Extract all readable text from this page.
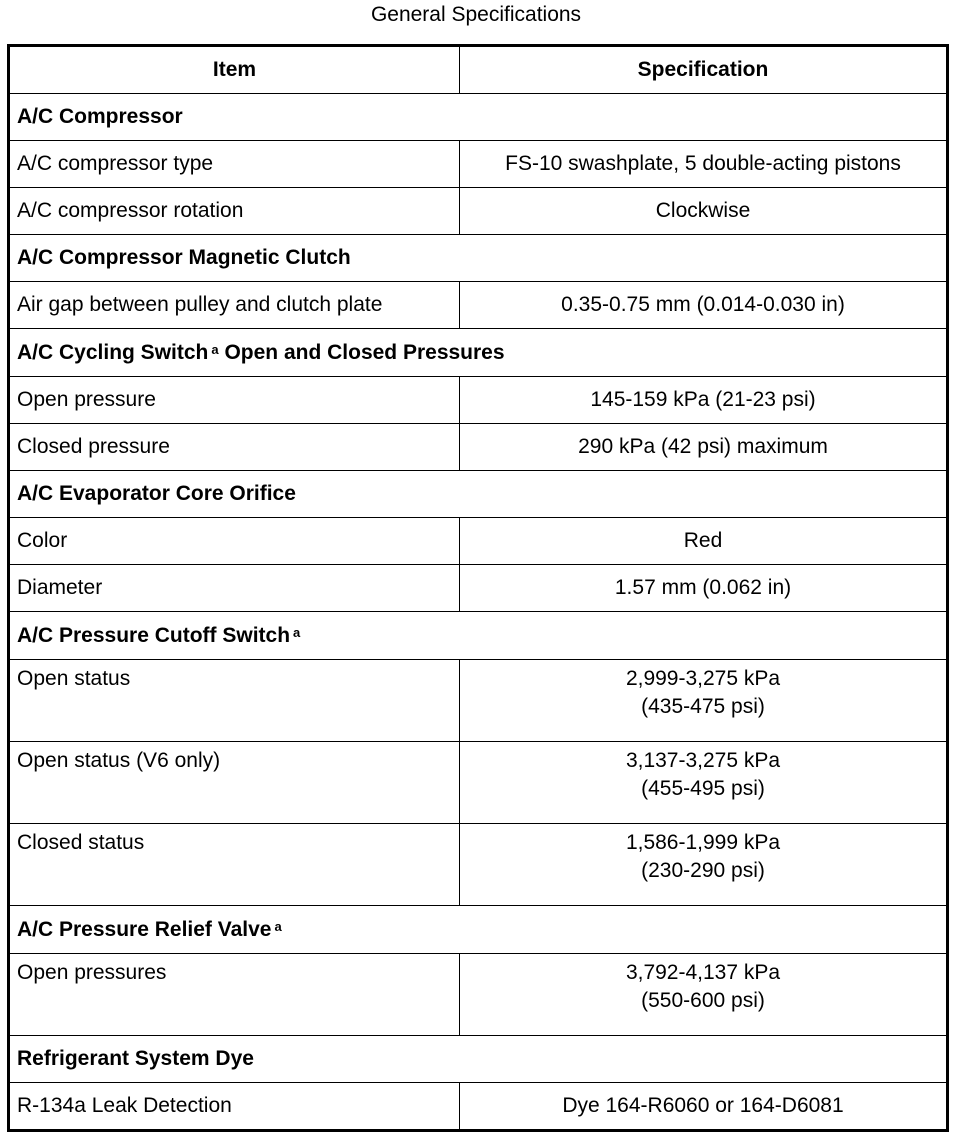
General Specifications
Item	Specification
A/C Compressor	
A/C compressor type	FS-10 swashplate, 5 double-acting pistons
A/C compressor rotation	Clockwise
A/C Compressor Magnetic Clutch	
Air gap between pulley and clutch plate	0.35-0.75 mm (0.014-0.030 in)
A/C Cycling Switch $^a$ Open and Closed Pressures	
Open pressure	145-159 kPa (21-23 psi)
Closed pressure	290 kPa (42 psi) maximum
A/C Evaporator Core Orifice	
Color	Red
Diameter	1.57 mm (0.062 in)
A/C Pressure Cutoff Switch $^a$
Open status	2,999-3,275 kPa
(435-475 psi)

Open status (V6 only)	3,137-3,275 kPa
(455-495 psi)

Closed status	1,586-1,999 kPa
(230-290 psi)

A/C Pressure Relief Valve $^a$
Open pressures	3,792-4,137 kPa
(550-600 psi)

Refrigerant System Dye	
R-134a Leak Detection	Dye 164-R6060 or 164-D6081
